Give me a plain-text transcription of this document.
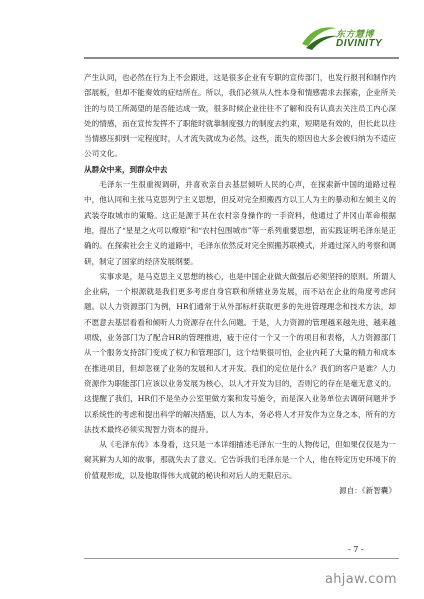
东方慧博
DIVINITY

产生认同，也必然在行为上不会跟进，这是很多企业有专职的宣传部门，也发行报刊和制作内部展板，但却不能奏效的症结所在。所以，我们必须从人性本身和情感需求去探索，企业所关注的与员工所渴望的是否能达成一致，很多时候企业往往不了解和没有认真去关注员工内心深处的情感，而在宣传发挥不了职能时就靠制度强力的制度去约束，短期是有效的，但长此以往当情感压抑到一定程度时，人才流失就成为必然，这些，流失的原因也大多会被归纳为不适应公司文化。

从群众中来，到群众中去

毛泽东一生很重视调研，并喜欢亲自去基层倾听人民的心声，在探索新中国的道路过程中，他认同和主张马克思列宁主义思想，但反对完全照搬西方以工人为主的暴动和左倾主义的武装夺取城市的策略。这正是源于其在农村亲身操作的一手资料，他通过了井冈山革命根据地，提出了“星星之火可以燎原”和“农村包围城市”等一系列重要思想，而实践证明毛泽东是正确的。在探索社会主义的道路中，毛泽东依然反对完全照搬苏联模式，并通过深入的考察和调研，制定了国家的经济发展纲要。

实事求是，是马克思主义思想的核心，也是中国企业做大做强后必须坚持的原则。所谓人企业病，一个根源就是我们更多考虑自身官联和所辖业务发展，而不站在企业的角度考虑问题。以人力资源部门为例，HR们通常于从外部标杆获取更多的先进管理理念和技术方法，却不愿意去基层看看和倾听人力资源存在什么问题。于是，人力资源的管理越来越先进，越来越项级，业务部门为了配合HR的管理推进，疲于应付一个又一个的项目和表格，人力资源部门从一个服务支持部门变成了权力和管理部门，这个结果很可怕，企业内耗了大量的精力和成本在推进项目，但却忽视了业务的发展和人才开发。我们的定位是什么？我们的客户是谁？人力资源作为职能部门应该以业务发展为核心，以人才开发为目的，否则它的存在是毫无意义的。这提醒了我们，HR们不是坐办公室里做方案和发号施令，而是深入业务单位去调研问题并予以系统性的考虑和提出科学的解决措施，以人为本，务必将人才开发作为立身之本，所有的方法技术最终必须实现智力资本的提升。

从《毛泽东传》本身看，这只是一本详细描述毛泽东一生的人物传记，但如果仅仅是为一窥其鲜为人知的故事，那就失去了意义。它告诉我们毛泽东是一个人，他在特定历史环境下的价值观形成，以及他取得伟大成就的秘诀和对后人的无限启示。

源自：《新智囊》

- 7 -
ahjaw.com
